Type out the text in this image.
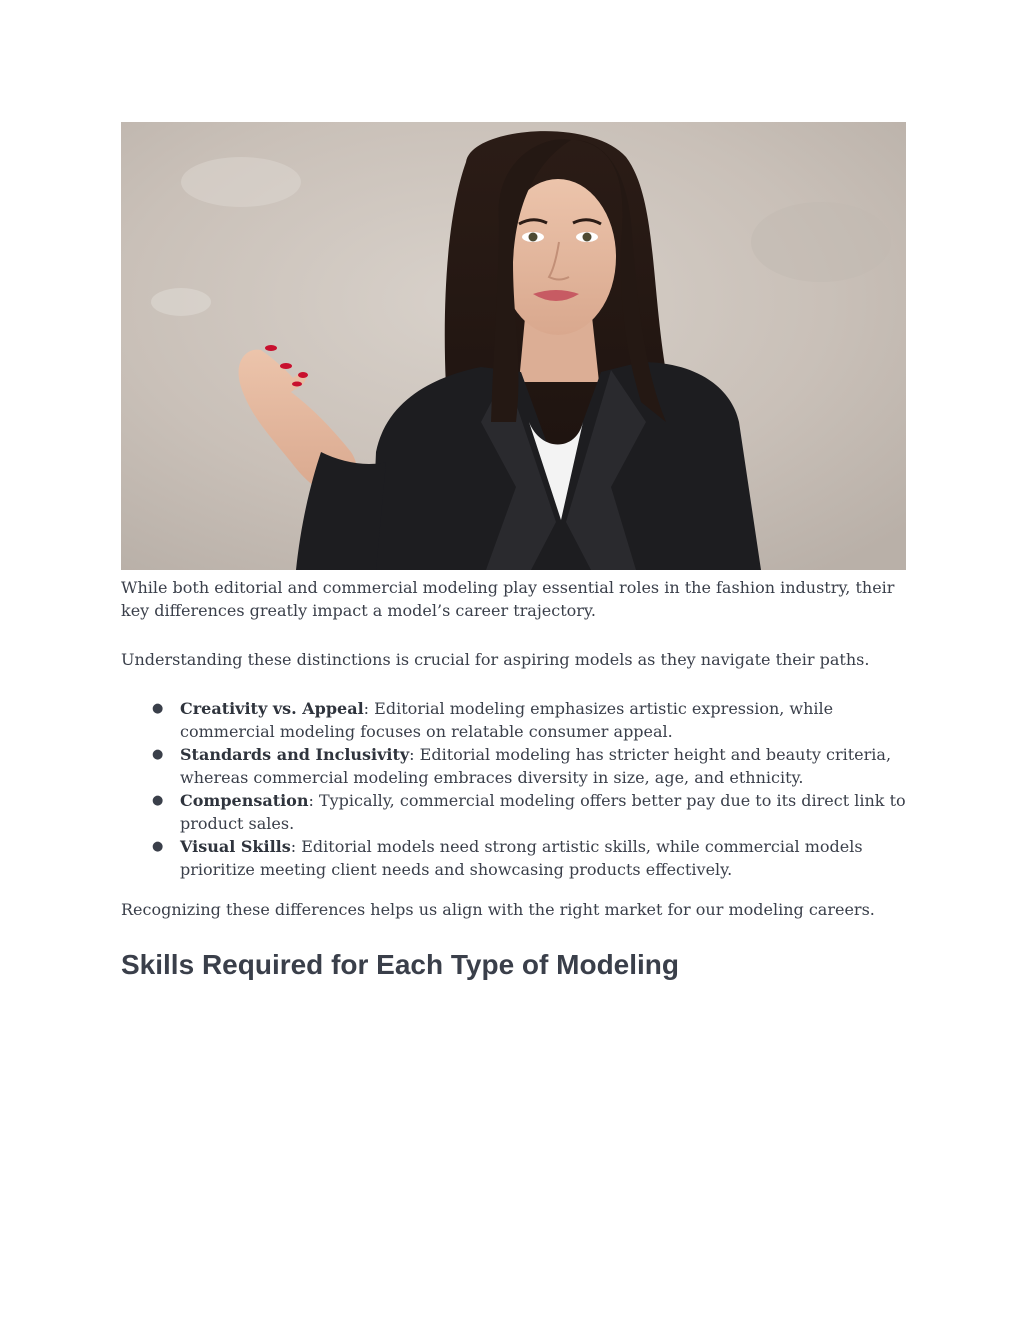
While both editorial and commercial modeling play essential roles in the fashion industry, their key differences greatly impact a model’s career trajectory.

Understanding these distinctions is crucial for aspiring models as they navigate their paths.

● Creativity vs. Appeal: Editorial modeling emphasizes artistic expression, while commercial modeling focuses on relatable consumer appeal.
● Standards and Inclusivity: Editorial modeling has stricter height and beauty criteria, whereas commercial modeling embraces diversity in size, age, and ethnicity.
● Compensation: Typically, commercial modeling offers better pay due to its direct link to product sales.
● Visual Skills: Editorial models need strong artistic skills, while commercial models prioritize meeting client needs and showcasing products effectively.

Recognizing these differences helps us align with the right market for our modeling careers.

Skills Required for Each Type of Modeling
